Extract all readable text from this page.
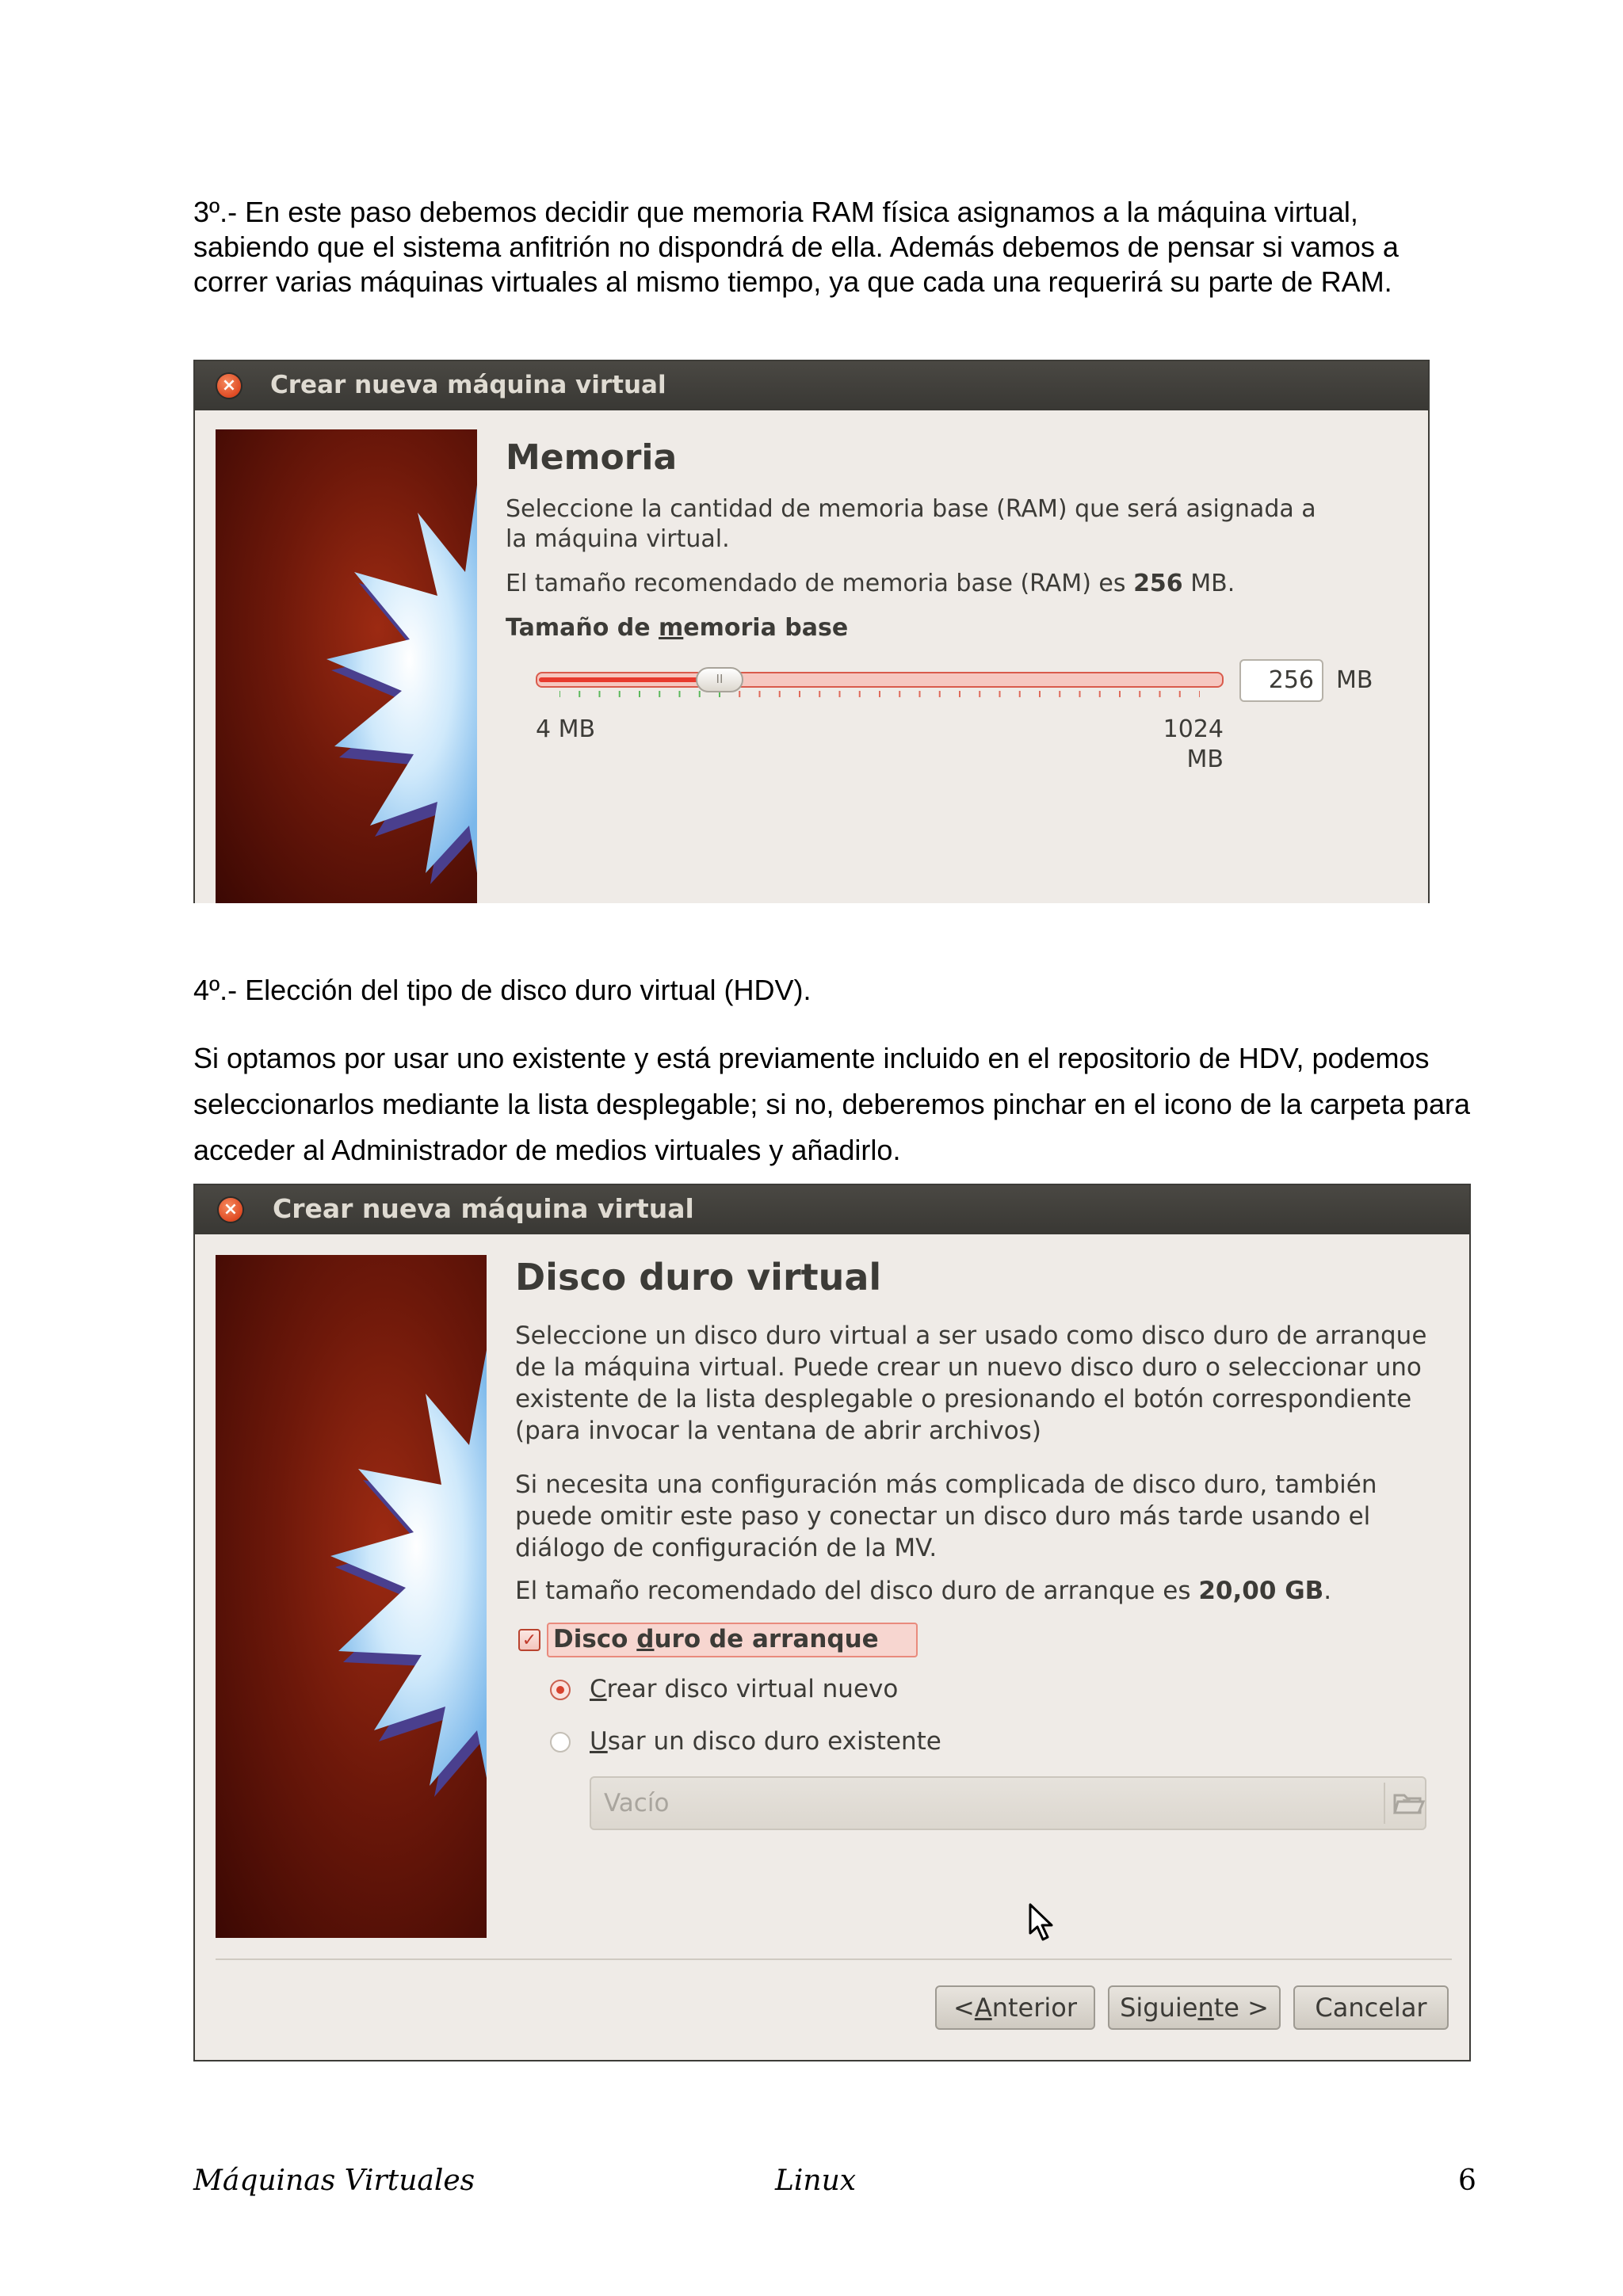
3º.- En este paso debemos decidir que memoria RAM física asignamos a la máquina virtual,

sabiendo que el sistema anfitrión no dispondrá de ella. Además debemos de pensar si vamos a

correr varias máquinas virtuales al mismo tiempo, ya que cada una requerirá su parte de RAM.

× Crear nueva máquina virtual
Memoria

Seleccione la cantidad de memoria base (RAM) que será asignada a la máquina virtual.

El tamaño recomendado de memoria base (RAM) es 256 MB.

Tamaño de memoria base

II	256 MB
4 MB	1024 MB

4º.- Elección del tipo de disco duro virtual (HDV).

Si optamos por usar uno existente y está previamente incluido en el repositorio de HDV, podemos

seleccionarlos mediante la lista desplegable; si no, deberemos pinchar en el icono de la carpeta para

acceder al Administrador de medios virtuales y añadirlo.

× Crear nueva máquina virtual
Disco duro virtual

Seleccione un disco duro virtual a ser usado como disco duro de arranque

de la máquina virtual. Puede crear un nuevo disco duro o seleccionar uno

existente de la lista desplegable o presionando el botón correspondiente

(para invocar la ventana de abrir archivos)

Si necesita una configuración más complicada de disco duro, también

puede omitir este paso y conectar un disco duro más tarde usando el

diálogo de configuración de la MV.

El tamaño recomendado del disco duro de arranque es 20,00 GB.

✓ Disco duro de arranque
Crear disco virtual nuevo
Usar un disco duro existente
Vacío
< A nterior Siguie n te >	Cancelar
Máquinas Virtuales	Linux	6
